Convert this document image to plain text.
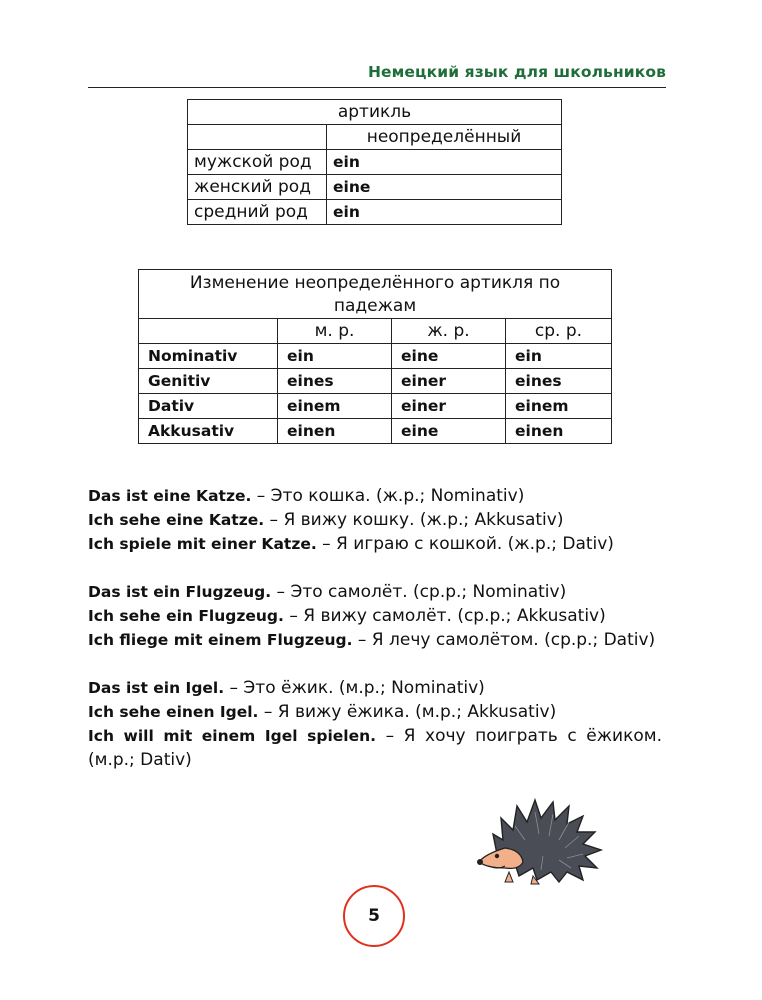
Немецкий язык для школьников
артикль	
	неопределённый
мужской род	ein
женский род	eine
средний род	ein
Изменение неопределённого артикля по падежам			
	м. р.	ж. р.	ср. р.
Nominativ	ein	eine	ein
Genitiv	eines	einer	eines
Dativ	einem	einer	einem
Akkusativ	einen	eine	einen
Das ist eine Katze. – Это кошка. (ж.р.; Nominativ)
Ich sehe eine Katze. – Я вижу кошку. (ж.р.; Akkusativ)
Ich spiele mit einer Katze. – Я играю с кошкой. (ж.р.; Dativ)
Das ist ein Flugzeug. – Это самолёт. (ср.р.; Nominativ)
Ich sehe ein Flugzeug. – Я вижу самолёт. (ср.р.; Akkusativ)
Ich fliege mit einem Flugzeug. – Я лечу самолётом. (ср.р.; Dativ)
Das ist ein Igel. – Это ёжик. (м.р.; Nominativ)
Ich sehe einen Igel. – Я вижу ёжика. (м.р.; Akkusativ)
Ich will mit einem Igel spielen. – Я хочу поиграть с ёжиком. (м.р.; Dativ)
5
